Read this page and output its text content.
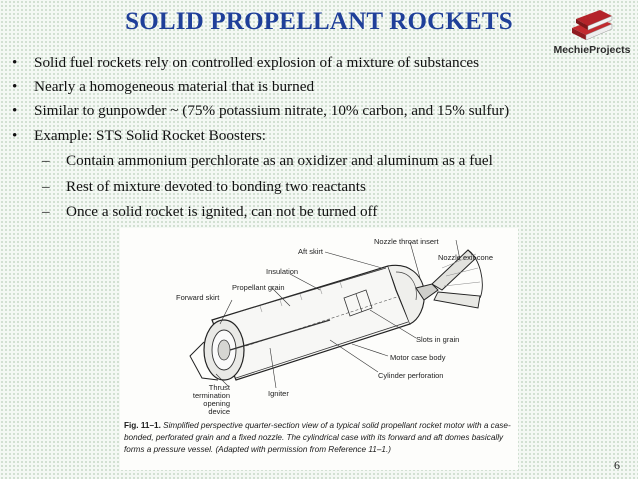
SOLID PROPELLANT ROCKETS
MechieProjects
• Solid fuel rockets rely on controlled explosion of a mixture of substances
• Nearly a homogeneous material that is burned
• Similar to gunpowder ~ (75% potassium nitrate, 10% carbon, and 15% sulfur)
• Example: STS Solid Rocket Boosters:
– Contain ammonium perchlorate as an oxidizer and aluminum as a fuel
– Rest of mixture devoted to bonding two reactants
– Once a solid rocket is ignited, can not be turned off
Nozzle throat insert
Nozzle exit cone
Aft skirt
Insulation
Propellant grain
Forward skirt
Slots in grain
Motor case body
Thrust termination opening device
Igniter
Cylinder perforation
Fig. 11–1. Simplified perspective quarter-section view of a typical solid propellant rocket motor with a case-bonded, perforated grain and a fixed nozzle. The cylindrical case with its forward and aft domes basically forms a pressure vessel. (Adapted with permission from Reference 11–1.)
6
